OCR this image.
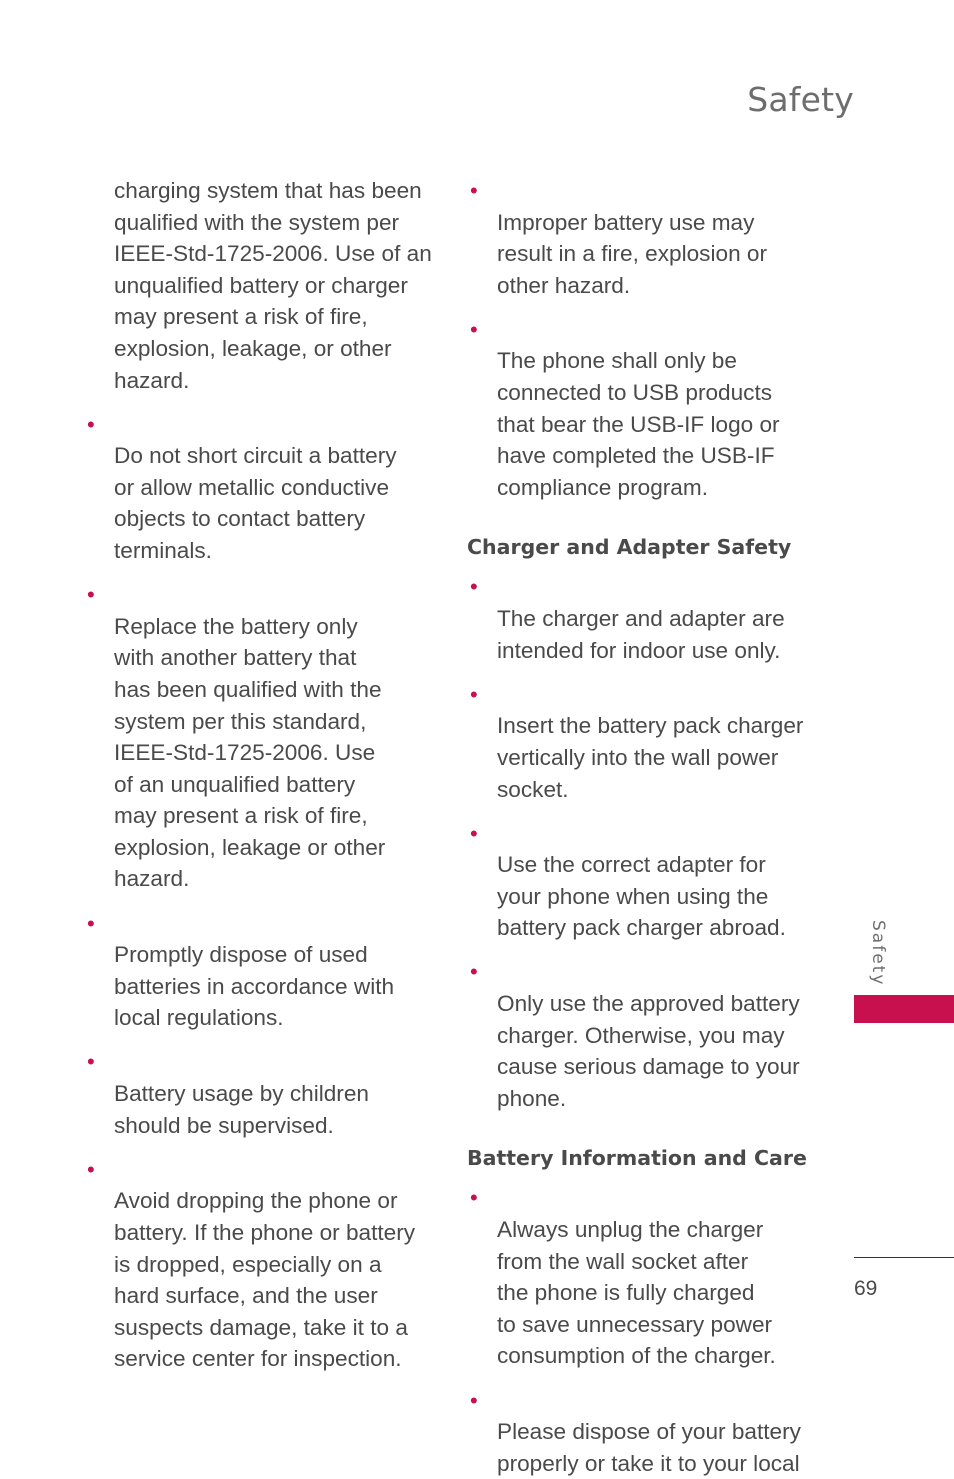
Safety
charging system that has been
qualified with the system per
IEEE-Std-1725-2006. Use of an
unqualified battery or charger
may present a risk of fire,
explosion, leakage, or other
hazard.

•
Do not short circuit a battery
or allow metallic conductive
objects to contact battery
terminals.

•
Replace the battery only
with another battery that
has been qualified with the
system per this standard,
IEEE-Std-1725-2006. Use
of an unqualified battery
may present a risk of fire,
explosion, leakage or other
hazard.

•
Promptly dispose of used
batteries in accordance with
local regulations.

•
Battery usage by children
should be supervised.

•
Avoid dropping the phone or
battery. If the phone or battery
is dropped, especially on a
hard surface, and the user
suspects damage, take it to a
service center for inspection.

•
Improper battery use may
result in a fire, explosion or
other hazard.

•
The phone shall only be
connected to USB products
that bear the USB-IF logo or
have completed the USB-IF
compliance program.

Charger and Adapter Safety

•
The charger and adapter are
intended for indoor use only.

•
Insert the battery pack charger
vertically into the wall power
socket.

•
Use the correct adapter for
your phone when using the
battery pack charger abroad.

•
Only use the approved battery
charger. Otherwise, you may
cause serious damage to your
phone.

Battery Information and Care

•
Always unplug the charger
from the wall socket after
the phone is fully charged
to save unnecessary power
consumption of the charger.

•
Please dispose of your battery
properly or take it to your local

Safety
69
